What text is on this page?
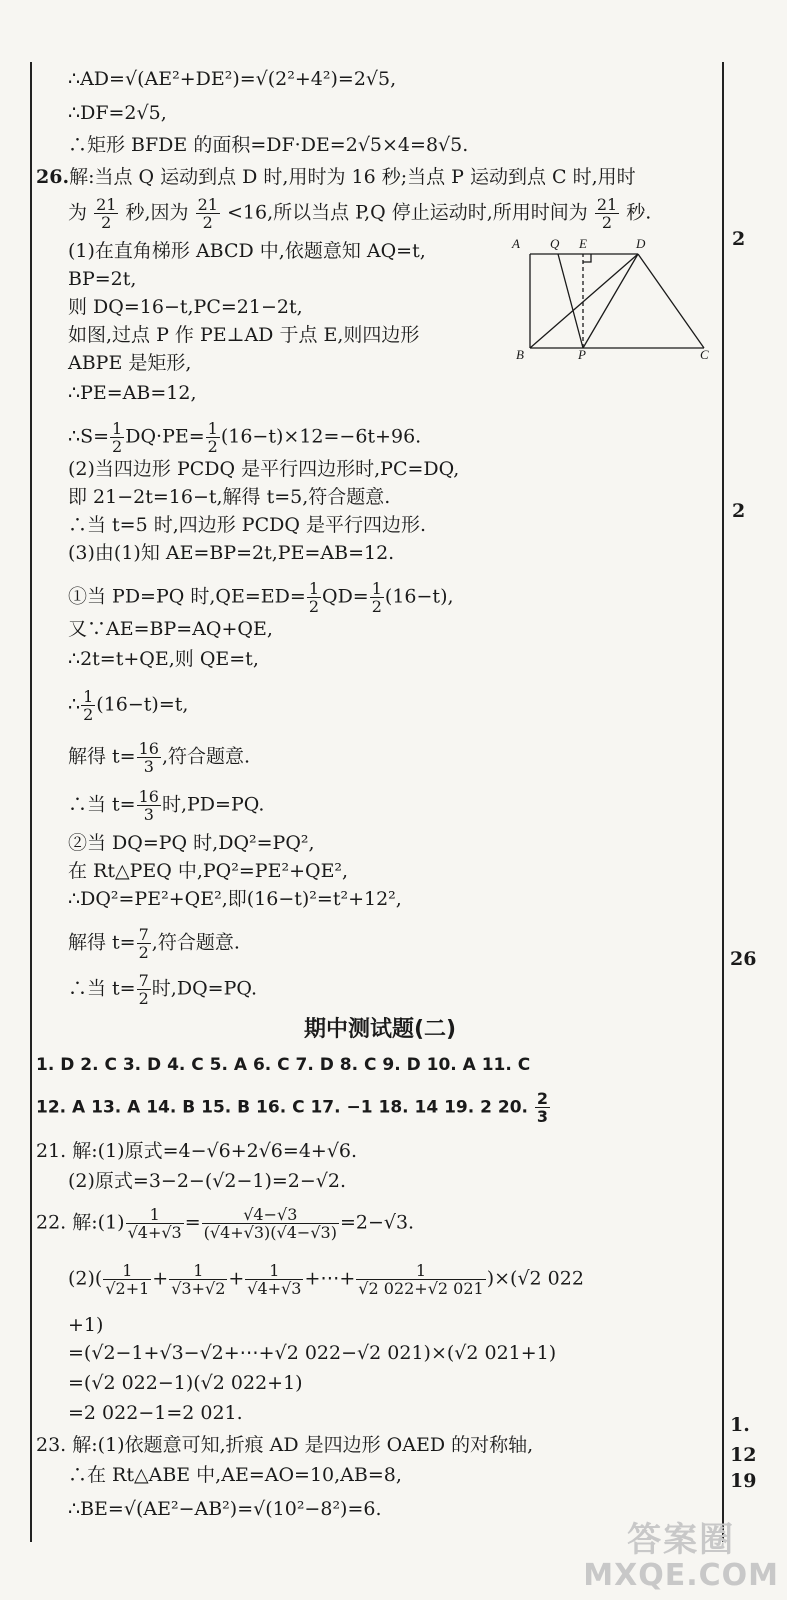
∴AD=√(AE²+DE²)=√(2²+4²)=2√5,
∴DF=2√5,
∴矩形 BFDE 的面积=DF·DE=2√5×4=8√5.
26.解:当点 Q 运动到点 D 时,用时为 16 秒;当点 P 运动到点 C 时,用时
为 $\frac{21}{2}$ 秒,因为 $\frac{21}{2} <16$,所以当点 P,Q 停止运动时,所用时间为 $\frac{21}{2}$ 秒.
(1)在直角梯形 ABCD 中,依题意知 AQ=t,
BP=2t,
则 DQ=16−t,PC=21−2t,
如图,过点 P 作 PE⊥AD 于点 E,则四边形
ABPE 是矩形,
∴PE=AB=12,
∴S= $\frac{1}{2} DQ\cdot PE= \frac{1}{2} (16-t)\times 12=-6t+96$.
(2)当四边形 PCDQ 是平行四边形时,PC=DQ,
即 21−2t=16−t,解得 t=5,符合题意.
∴当 t=5 时,四边形 PCDQ 是平行四边形.
(3)由(1)知 AE=BP=2t,PE=AB=12.
①当 PD=PQ 时$,QE=ED= \frac{1}{2} QD= \frac{1}{2} (16-t)$,
又∵AE=BP=AQ+QE,
∴2t=t+QE,则 QE=t,
∴ $\frac{1}{2} (16-t)=t$,
解得 $t= \frac{16}{3}$ ,符合题意.
∴当 $t= \frac{16}{3}$ 时,PD=PQ.
②当 DQ=PQ 时,DQ²=PQ²,
在 Rt△PEQ 中,PQ²=PE²+QE²,
∴DQ²=PE²+QE²,即(16−t)²=t²+12²,
解得 $t= \frac{7}{2}$ ,符合题意.
∴当 $t= \frac{7}{2}$ 时,DQ=PQ.
A Q E	D
B	P	C
期中测试题(二)
1. D 2. C 3. D 4. C 5. A 6. C 7. D 8. C 9. D 10. A 11. C
12. A 13. A 14. B 15. B 16. C 17. −1 18. 14 19. 2 20. $\frac{2}{3}$
21. 解:(1)原式=4−√6+2√6=4+√6.
(2)原式=3−2−(√2−1)=2−√2.
22. 解:(1) $\frac{1}{√4+√3} = \frac{√4-√3}{(√4+√3)(√4-√3)} =2-√3$.
$(2)( \frac{1}{√2+1} + \frac{1}{√3+√2} + \frac{1}{√4+√3}$ +⋯+ $\frac{1}{√2 022+√2 021} )\times(√2$ 022
+1)
=(√2−1+√3−√2+⋯+√2 022−√2 021)×(√2 021+1)
=(√2 022−1)(√2 022+1)
=2 022−1=2 021.
23. 解:(1)依题意可知,折痕 AD 是四边形 OAED 的对称轴,
∴在 Rt△ABE 中,AE=AO=10,AB=8,
∴BE=√(AE²−AB²)=√(10²−8²)=6.
2
2
26
1.
12
19
答案圈
MXQE.COM
